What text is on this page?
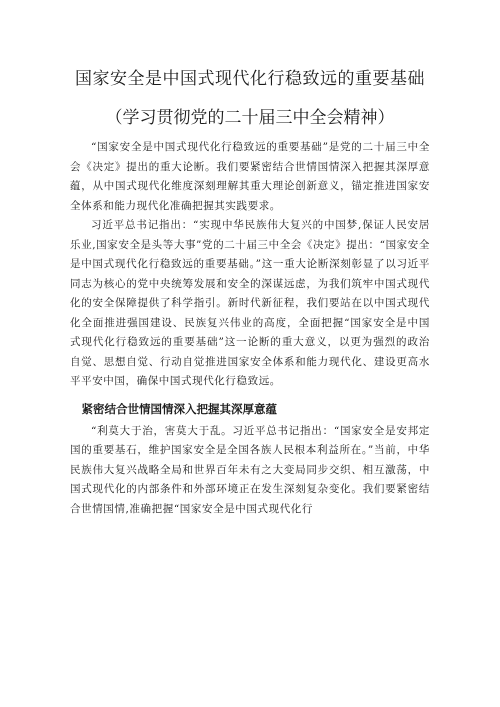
国家安全是中国式现代化行稳致远的重要基础
（学习贯彻党的二十届三中全会精神）

“国家安全是中国式现代化行稳致远的重要基础”是党的二十届三中全会《决定》提出的重大论断。我们要紧密结合世情国情深入把握其深厚意蕴，从中国式现代化维度深刻理解其重大理论创新意义，锚定推进国家安全体系和能力现代化准确把握其实践要求。

习近平总书记指出：“实现中华民族伟大复兴的中国梦,保证人民安居乐业,国家安全是头等大事”党的二十届三中全会《决定》提出：“国家安全是中国式现代化行稳致远的重要基础。”这一重大论断深刻彰显了以习近平同志为核心的党中央统筹发展和安全的深谋远虑，为我们筑牢中国式现代化的安全保障提供了科学指引。新时代新征程，我们要站在以中国式现代化全面推进强国建设、民族复兴伟业的高度，全面把握“国家安全是中国式现代化行稳致远的重要基础”这一论断的重大意义，以更为强烈的政治自觉、思想自觉、行动自觉推进国家安全体系和能力现代化、建设更高水平平安中国，确保中国式现代化行稳致远。

紧密结合世情国情深入把握其深厚意蕴

“利莫大于治，害莫大于乱。习近平总书记指出：“国家安全是安邦定国的重要基石，维护国家安全是全国各族人民根本利益所在。”当前，中华民族伟大复兴战略全局和世界百年未有之大变局同步交织、相互激荡，中国式现代化的内部条件和外部环境正在发生深刻复杂变化。我们要紧密结合世情国情,准确把握“国家安全是中国式现代化行
